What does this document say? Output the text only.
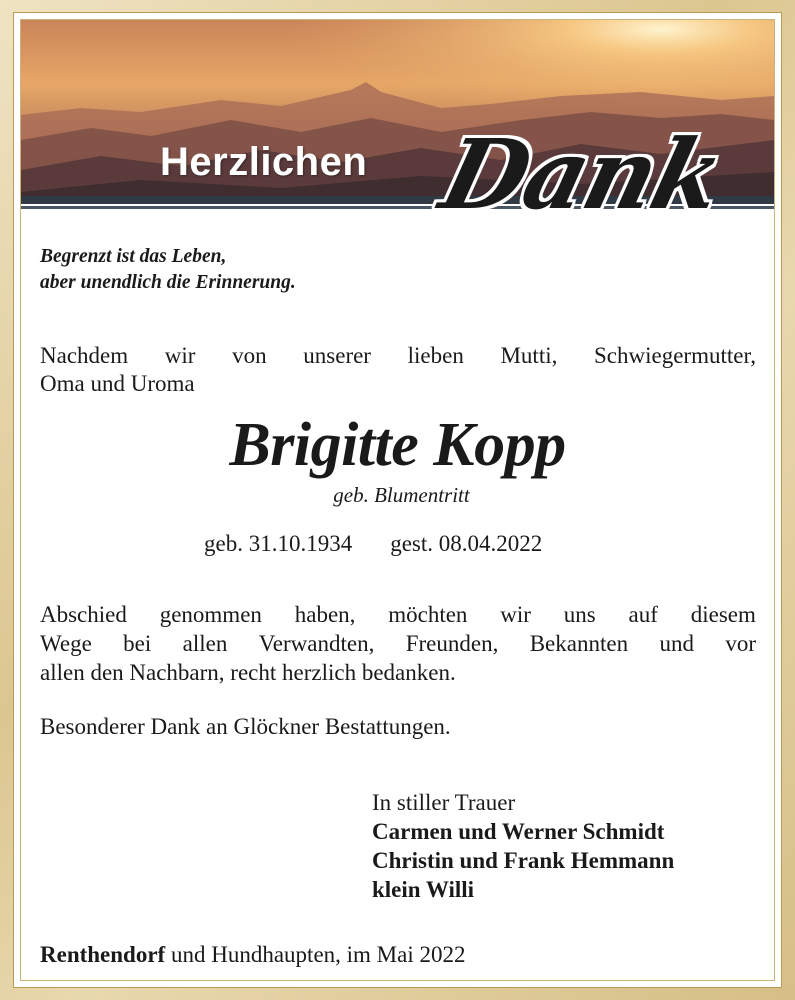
Herzlichen Dank
Begrenzt ist das Leben,
aber unendlich die Erinnerung.
Nachdem wir von unserer lieben Mutti, Schwiegermutter,
Oma und Uroma
Brigitte Kopp
geb. Blumentritt
geb. 31.10.1934 gest. 08.04.2022
Abschied genommen haben, möchten wir uns auf diesem
Wege bei allen Verwandten, Freunden, Bekannten und vor
allen den Nachbarn, recht herzlich bedanken.
Besonderer Dank an Glöckner Bestattungen.
In stiller Trauer
Carmen und Werner Schmidt
Christin und Frank Hemmann
klein Willi
Renthendorf und Hundhaupten, im Mai 2022
